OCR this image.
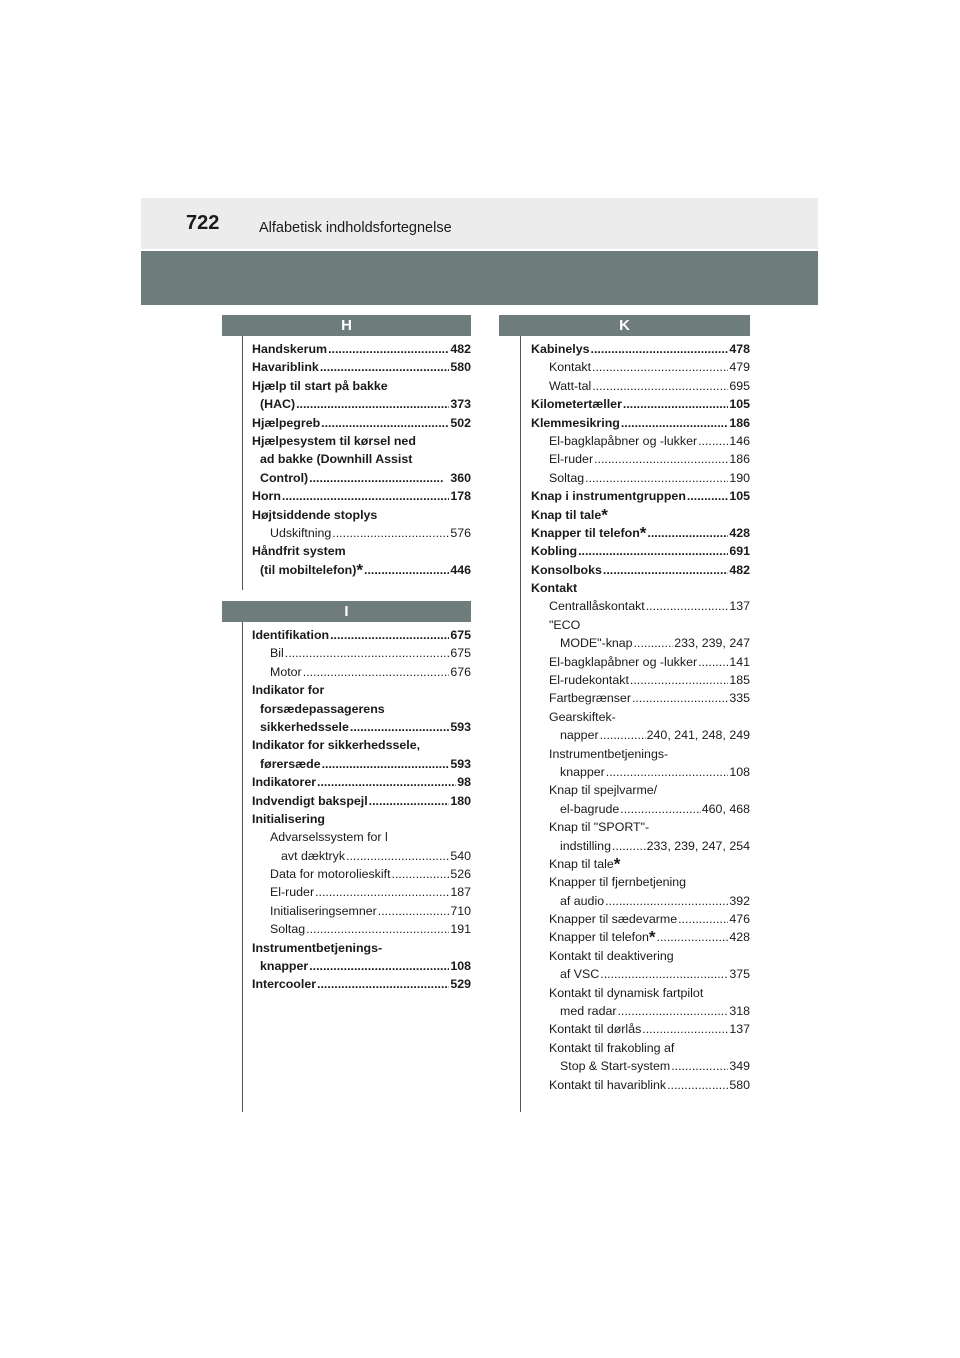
722	Alfabetisk indholdsfortegnelse
H
Handskerum .....	482
Havariblink .....	580
Hjælp til start på bakke
(HAC) .....	373
Hjælpegreb .....	502
Hjælpesystem til kørsel ned
ad bakke (Downhill Assist
Control) .....	360
Horn .....	178
Højtsiddende stoplys
Udskiftning .....	576
Håndfrit system
(til mobiltelefon)* .....	446
I
Identifikation .....	675
Bil .....	675
Motor .....	676
Indikator for
forsædepassagerens
sikkerhedssele .....	593
Indikator for sikkerhedssele,
førersæde .....	593
Indikatorer .....	98
Indvendigt bakspejl .....	180
Initialisering
Advarselssystem for l
avt dæktryk .....	540
Data for motorolieskift .....	526
El-ruder .....	187
Initialiseringsemner .....	710
Soltag .....	191
Instrumentbetjenings-
knapper .....	108
Intercooler .....	529
K
Kabinelys .....	478
Kontakt .....	479
Watt-tal .....	695
Kilometertæller .....	105
Klemmesikring .....	186
El-bagklapåbner og -lukker .....	146
El-ruder .....	186
Soltag .....	190
Knap i instrumentgruppen .....	105
Knap til tale*
Knapper til telefon* .....	428
Kobling .....	691
Konsolboks .....	482
Kontakt
Centrallåskontakt .....	137
"ECO
MODE"-knap .....	233, 239, 247
El-bagklapåbner og -lukker .....	141
El-rudekontakt .....	185
Fartbegrænser .....	335
Gearskiftek-
napper .....	240, 241, 248, 249
Instrumentbetjenings-
knapper .....	108
Knap til spejlvarme/
el-bagrude .....	460, 468
Knap til "SPORT"-
indstilling .....	233, 239, 247, 254
Knap til tale*
Knapper til fjernbetjening
af audio .....	392
Knapper til sædevarme .....	476
Knapper til telefon* .....	428
Kontakt til deaktivering
af VSC .....	375
Kontakt til dynamisk fartpilot
med radar .....	318
Kontakt til dørlås .....	137
Kontakt til frakobling af
Stop & Start-system .....	349
Kontakt til havariblink .....	580
